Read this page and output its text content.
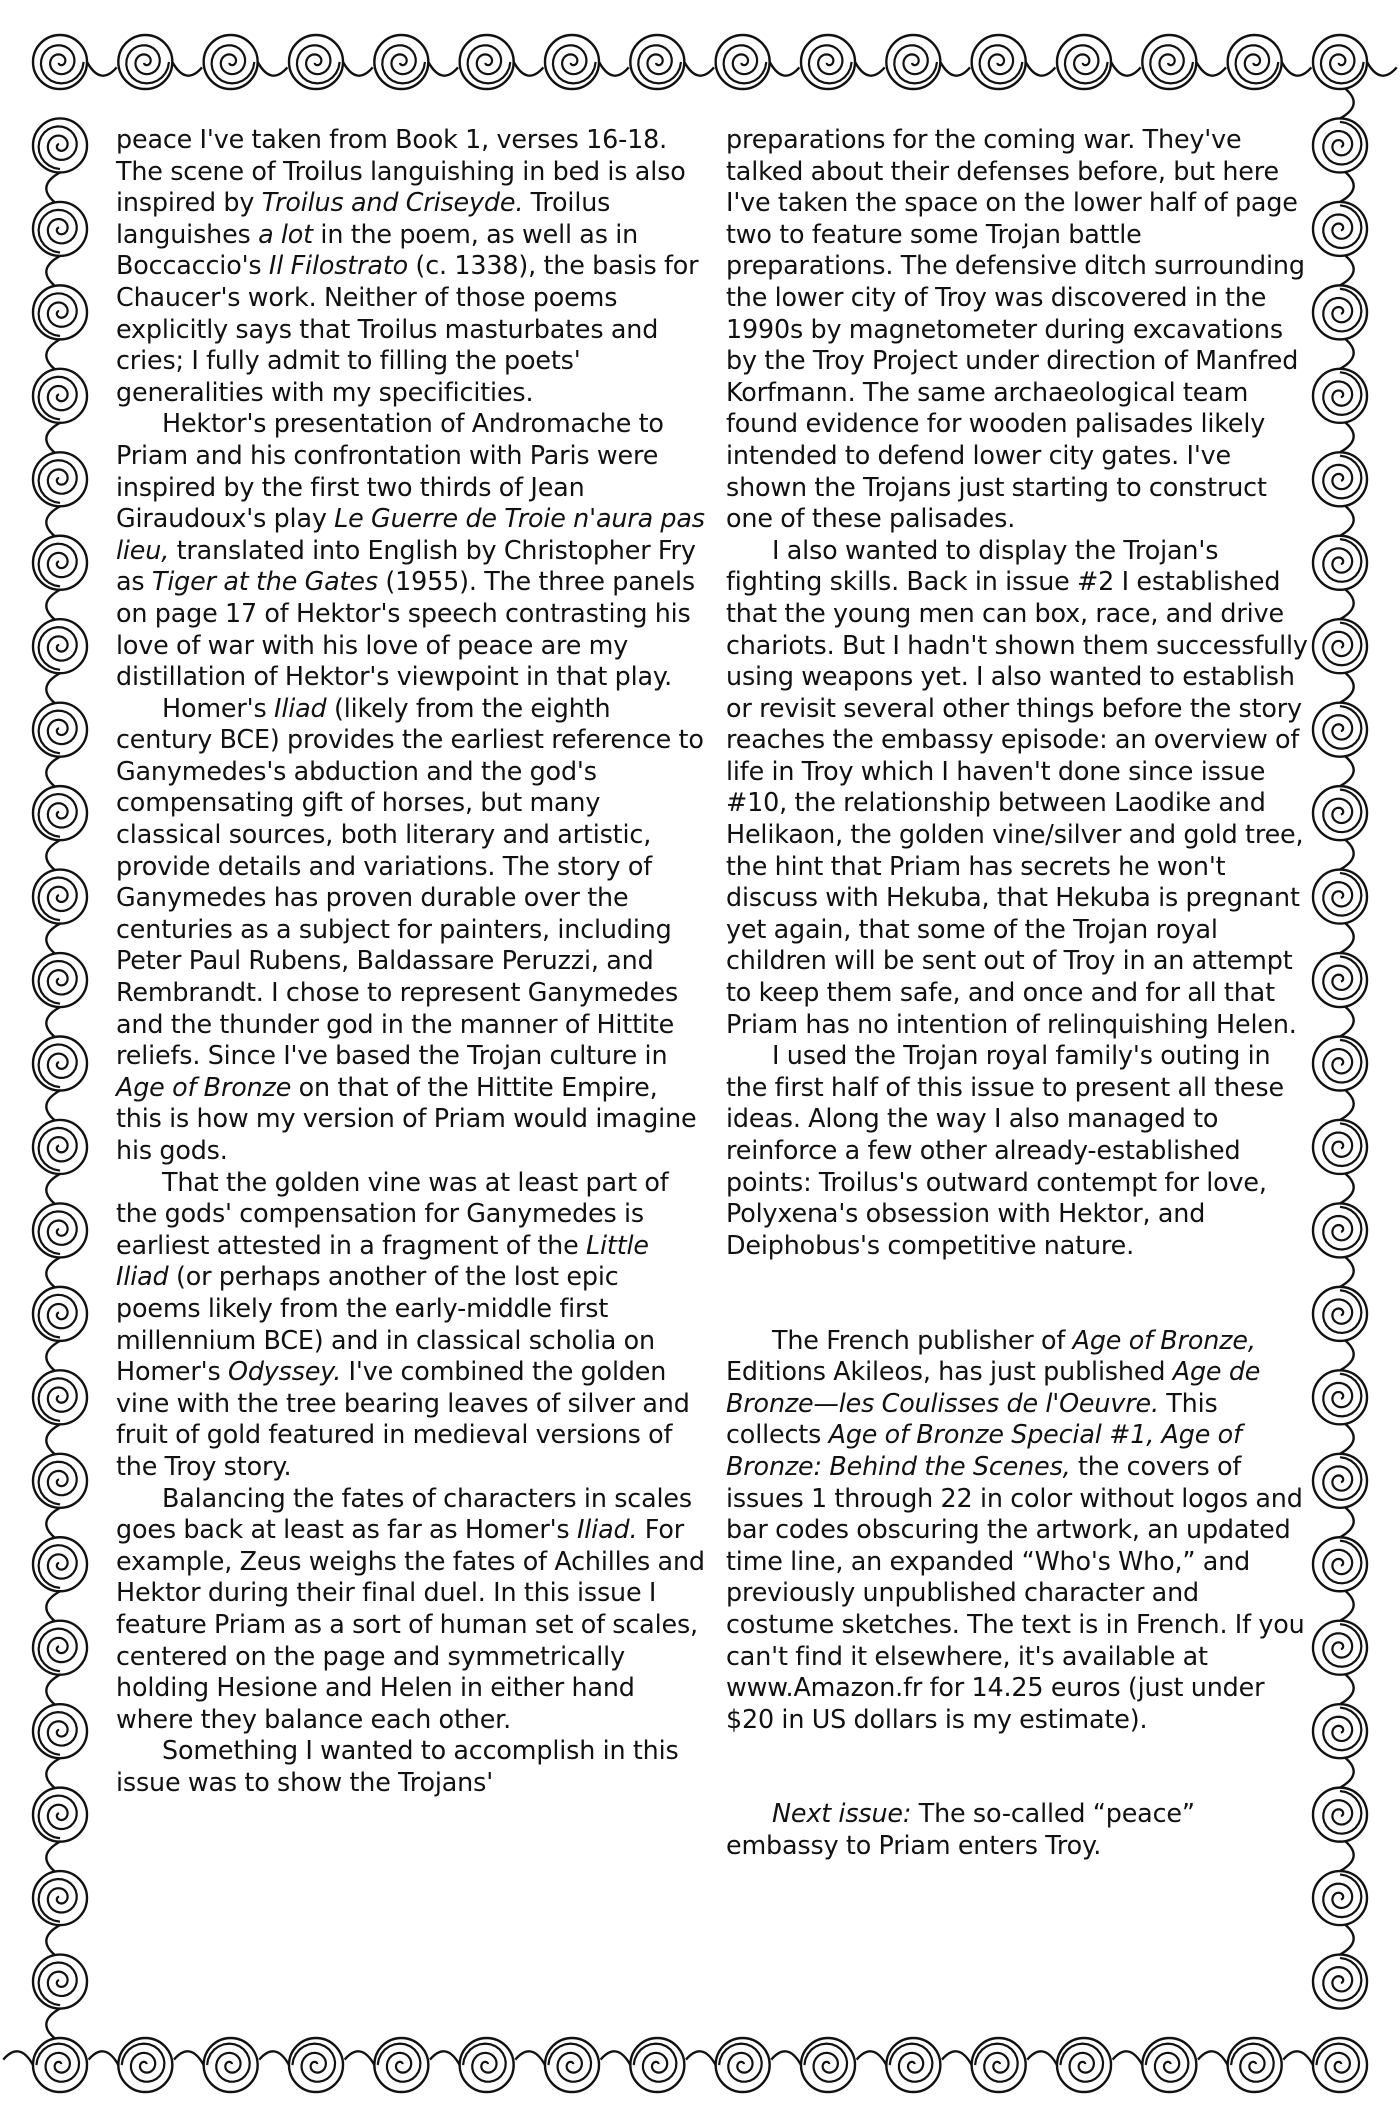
peace I've taken from Book 1, verses 16-18. The scene of Troilus languishing in bed is also inspired by Troilus and Criseyde. Troilus languishes a lot in the poem, as well as in Boccaccio's Il Filostrato (c. 1338), the basis for Chaucer's work. Neither of those poems explicitly says that Troilus masturbates and cries; I fully admit to filling the poets' generalities with my specificities.

Hektor's presentation of Andromache to Priam and his confrontation with Paris were inspired by the first two thirds of Jean Giraudoux's play Le Guerre de Troie n'aura pas lieu, translated into English by Christopher Fry as Tiger at the Gates (1955). The three panels on page 17 of Hektor's speech contrasting his love of war with his love of peace are my distillation of Hektor's viewpoint in that play.

Homer's Iliad (likely from the eighth century BCE) provides the earliest reference to Ganymedes's abduction and the god's compensating gift of horses, but many classical sources, both literary and artistic, provide details and variations. The story of Ganymedes has proven durable over the centuries as a subject for painters, including Peter Paul Rubens, Baldassare Peruzzi, and Rembrandt. I chose to represent Ganymedes and the thunder god in the manner of Hittite reliefs. Since I've based the Trojan culture in Age of Bronze on that of the Hittite Empire, this is how my version of Priam would imagine his gods.

That the golden vine was at least part of the gods' compensation for Ganymedes is earliest attested in a fragment of the Little Iliad (or perhaps another of the lost epic poems likely from the early-middle first millennium BCE) and in classical scholia on Homer's Odyssey. I've combined the golden vine with the tree bearing leaves of silver and fruit of gold featured in medieval versions of the Troy story.

Balancing the fates of characters in scales goes back at least as far as Homer's Iliad. For example, Zeus weighs the fates of Achilles and Hektor during their final duel. In this issue I feature Priam as a sort of human set of scales, centered on the page and symmetrically holding Hesione and Helen in either hand where they balance each other.

Something I wanted to accomplish in this issue was to show the Trojans'

preparations for the coming war. They've talked about their defenses before, but here I've taken the space on the lower half of page two to feature some Trojan battle preparations. The defensive ditch surrounding the lower city of Troy was discovered in the 1990s by magnetometer during excavations by the Troy Project under direction of Manfred Korfmann. The same archaeological team found evidence for wooden palisades likely intended to defend lower city gates. I've shown the Trojans just starting to construct one of these palisades.

I also wanted to display the Trojan's fighting skills. Back in issue #2 I established that the young men can box, race, and drive chariots. But I hadn't shown them successfully using weapons yet. I also wanted to establish or revisit several other things before the story reaches the embassy episode: an overview of life in Troy which I haven't done since issue #10, the relationship between Laodike and Helikaon, the golden vine/silver and gold tree, the hint that Priam has secrets he won't discuss with Hekuba, that Hekuba is pregnant yet again, that some of the Trojan royal children will be sent out of Troy in an attempt to keep them safe, and once and for all that Priam has no intention of relinquishing Helen.

I used the Trojan royal family's outing in the first half of this issue to present all these ideas. Along the way I also managed to reinforce a few other already-established points: Troilus's outward contempt for love, Polyxena's obsession with Hektor, and Deiphobus's competitive nature.

The French publisher of Age of Bronze, Editions Akileos, has just published Age de Bronze—les Coulisses de l'Oeuvre. This collects Age of Bronze Special #1, Age of Bronze: Behind the Scenes, the covers of issues 1 through 22 in color without logos and bar codes obscuring the artwork, an updated time line, an expanded “Who's Who,” and previously unpublished character and costume sketches. The text is in French. If you can't find it elsewhere, it's available at www.Amazon.fr for 14.25 euros (just under $20 in US dollars is my estimate).

Next issue: The so-called “peace” embassy to Priam enters Troy.
